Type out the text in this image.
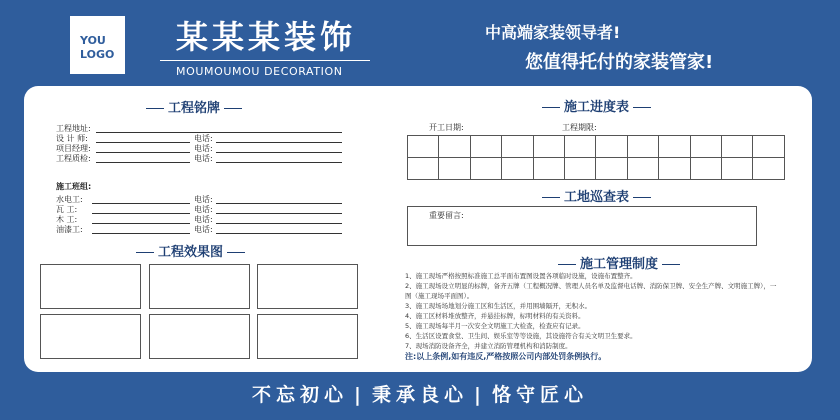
YOU
LOGO	某某某装饰
MOUMOUMOU DECORATION
中高端家装领导者!
您值得托付的家装管家!
工程铭牌
工程地址:
设 计 师:	电话:
项目经理:	电话:
工程质检:	电话:
施工班组:
水电工:	电话:
瓦 工:	电话:
木 工:	电话:
油漆工:	电话:
工程效果图
施工进度表
开工日期:	工程期限:

工地巡查表
重要留言:
施工管理制度
1、施工现场严格按照标准施工总平面布置图设置各项临时设施，设施布置整齐。
2、施工现场设立明显的标牌，备齐五牌（工程概况牌、管理人员名单及监督电话牌、消防保卫牌、安全生产牌、文明施工牌），一
图（施工现场平面图）。
3、施工现场场地划分施工区和生活区，并用围墙隔开，无积水。
4、施工区材料堆放整齐，并悬挂标牌，标明材料的有关资料。
5、施工现场每半月一次安全文明施工大检查，检查应有记录。
6、生活区设置食堂、卫生间、娱乐室等等设施，其设施符合有关文明卫生要求。
7、现场消防设备齐全，并建立消防管理机构和消防制度。
注:以上条例,如有违反,严格按照公司内部处罚条例执行。
不忘初心 | 秉承良心 | 恪守匠心
